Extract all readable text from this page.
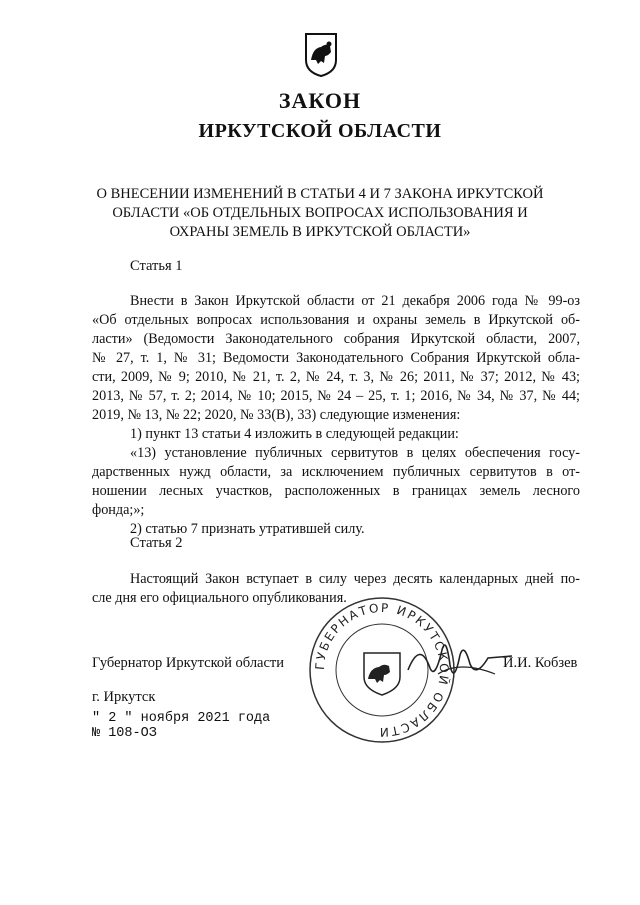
ЗАКОН
ИРКУТСКОЙ ОБЛАСТИ
О ВНЕСЕНИИ ИЗМЕНЕНИЙ В СТАТЬИ 4 И 7 ЗАКОНА ИРКУТСКОЙ
ОБЛАСТИ «ОБ ОТДЕЛЬНЫХ ВОПРОСАХ ИСПОЛЬЗОВАНИЯ И
ОХРАНЫ ЗЕМЕЛЬ В ИРКУТСКОЙ ОБЛАСТИ»
Статья 1
Внести в Закон Иркутской области от 21 декабря 2006 года № 99-оз
«Об отдельных вопросах использования и охраны земель в Иркутской об-
ласти» (Ведомости Законодательного собрания Иркутской области, 2007,
№ 27, т. 1, № 31; Ведомости Законодательного Собрания Иркутской обла-
сти, 2009, № 9; 2010, № 21, т. 2, № 24, т. 3, № 26; 2011, № 37; 2012, № 43;
2013, № 57, т. 2; 2014, № 10; 2015, № 24 – 25, т. 1; 2016, № 34, № 37, № 44;
2019, № 13, № 22; 2020, № 33(В), 33) следующие изменения:
1) пункт 13 статьи 4 изложить в следующей редакции:
«13) установление публичных сервитутов в целях обеспечения госу-
дарственных нужд области, за исключением публичных сервитутов в от-
ношении лесных участков, расположенных в границах земель лесного
фонда;»;
2) статью 7 признать утратившей силу.
Статья 2
Настоящий Закон вступает в силу через десять календарных дней по-
сле дня его официального опубликования.
ГУБЕРНАТОР ИРКУТСКОЙ ОБЛАСТИ
Губернатор Иркутской области	И.И. Кобзев
г. Иркутск
" 2 " ноября 2021 года
№ 108-ОЗ
